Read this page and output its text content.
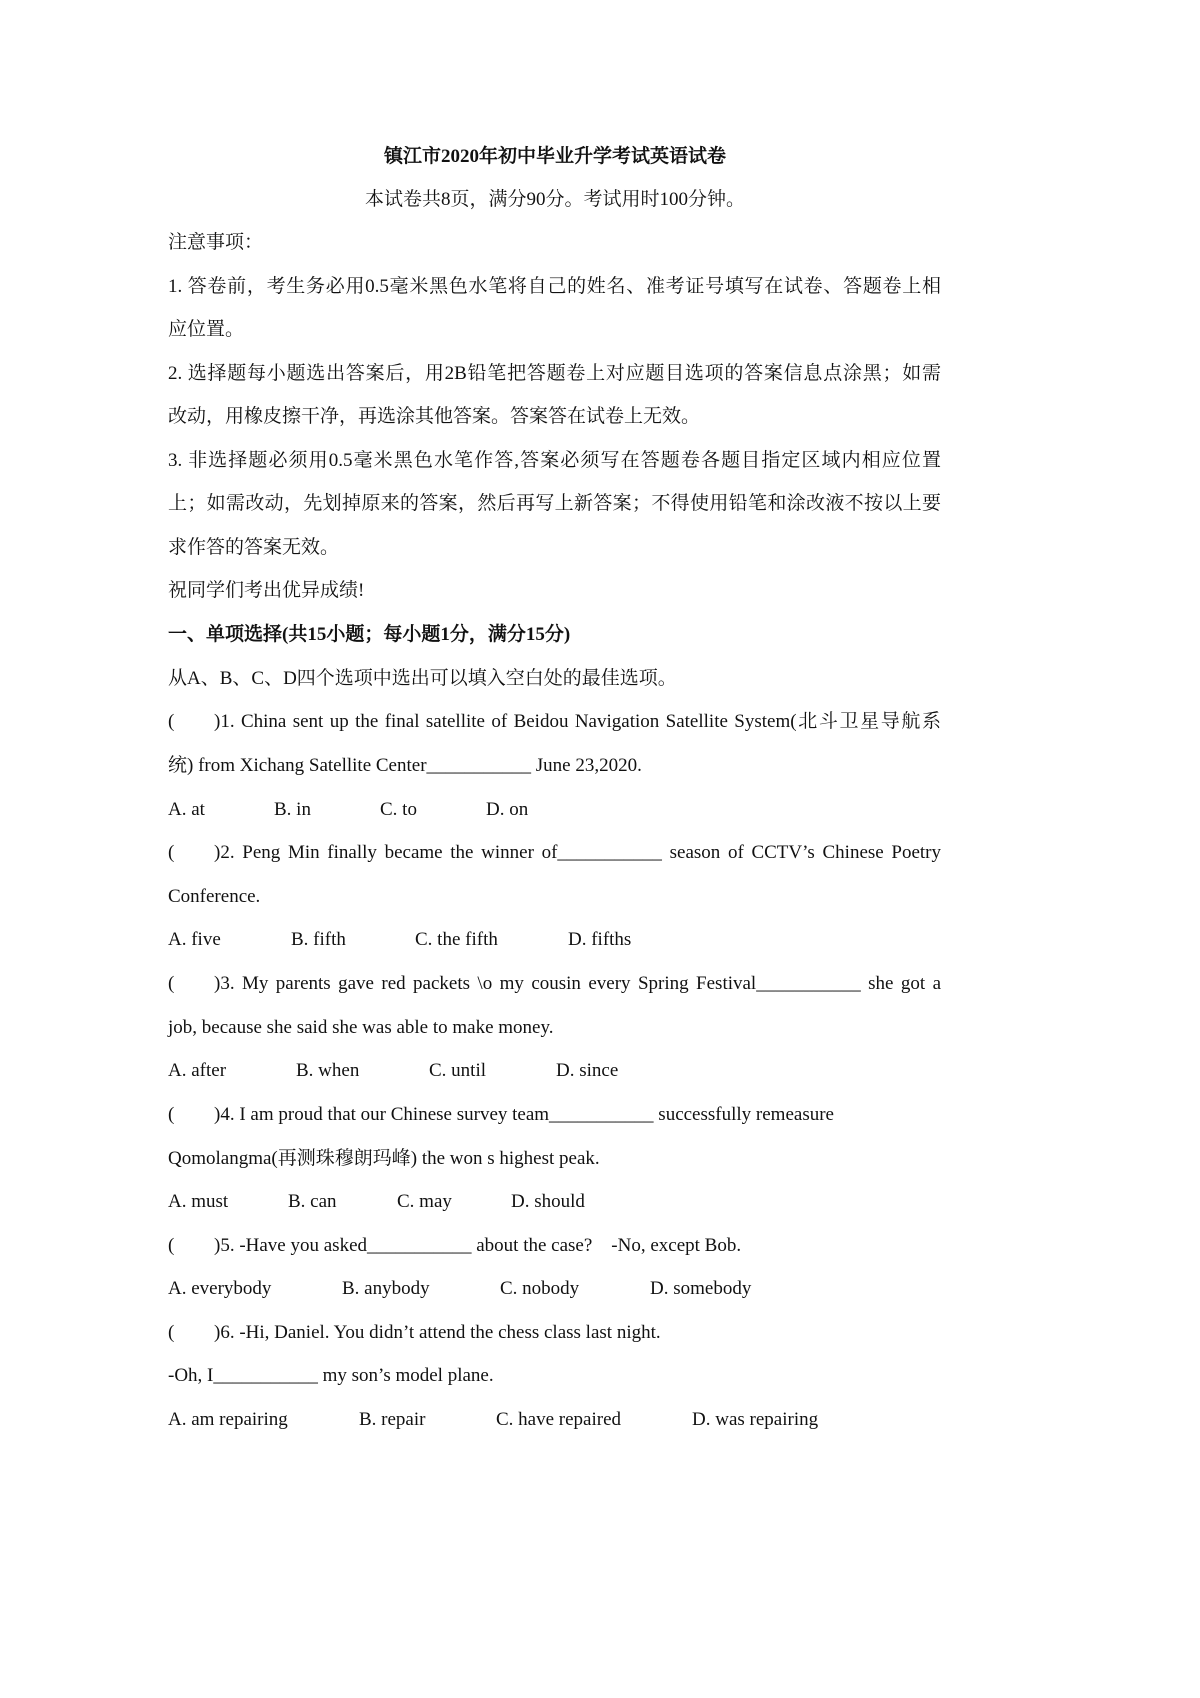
镇江市2020年初中毕业升学考试英语试卷
本试卷共8页，满分90分。考试用时100分钟。
注意事项：
1. 答卷前，考生务必用0.5毫米黑色水笔将自己的姓名、准考证号填写在试卷、答题卷上相
应位置。
2. 选择题每小题选出答案后，用2B铅笔把答题卷上对应题目选项的答案信息点涂黑；如需
改动，用橡皮擦干净，再选涂其他答案。答案答在试卷上无效。
3. 非选择题必须用0.5毫米黑色水笔作答,答案必须写在答题卷各题目指定区域内相应位置
上；如需改动，先划掉原来的答案，然后再写上新答案；不得使用铅笔和涂改液不按以上要
求作答的答案无效。
祝同学们考出优异成绩!
一、单项选择(共15小题；每小题1分，满分15分)
从A、B、C、D四个选项中选出可以填入空白处的最佳选项。
( )1. China sent up the final satellite of Beidou Navigation Satellite System(北斗卫星导航系
统) from Xichang Satellite Center___________ June 23,2020.
A. at	B. in	C. to	D. on
( )2. Peng Min finally became the winner of___________ season of CCTV’s Chinese Poetry
Conference.
A. five	B. fifth	C. the fifth	D. fifths
( )3. My parents gave red packets \o my cousin every Spring Festival___________ she got a
job, because she said she was able to make money.
A. after	B. when	C. until	D. since
( )4. I am proud that our Chinese survey team___________ successfully remeasure
Qomolangma(再测珠穆朗玛峰) the won s highest peak.
A. must	B. can	C. may	D. should
( )5. -Have you asked___________ about the case?    -No, except Bob.
A. everybody	B. anybody	C. nobody	D. somebody
( )6. -Hi, Daniel. You didn’t attend the chess class last night.
-Oh, I___________ my son’s model plane.
A. am repairing	B. repair	C. have repaired	D. was repairing
